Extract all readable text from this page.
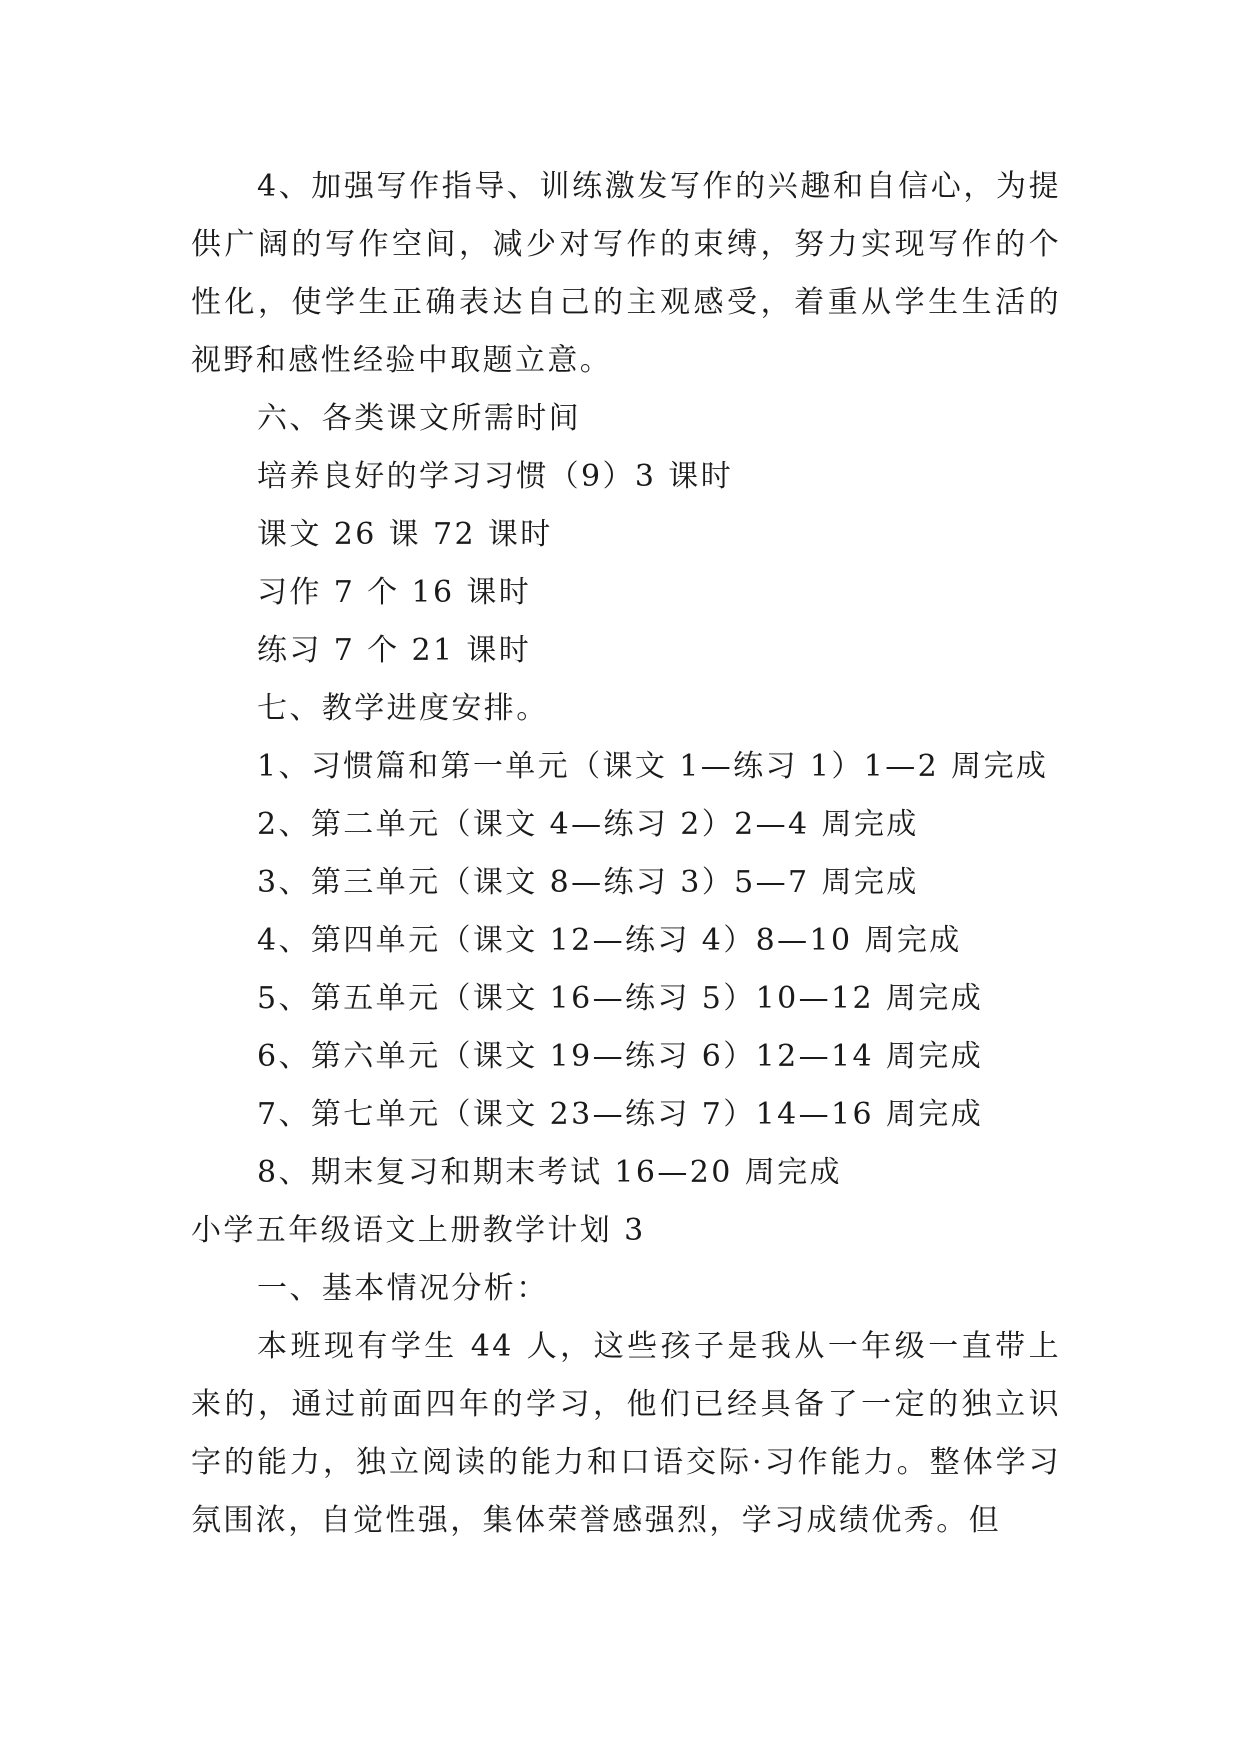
4、加强写作指导、训练激发写作的兴趣和自信心，为提供广阔的写作空间，减少对写作的束缚，努力实现写作的个性化，使学生正确表达自己的主观感受，着重从学生生活的视野和感性经验中取题立意。

六、各类课文所需时间

培养良好的学习习惯（9）3 课时

课文 26 课 72 课时

习作 7 个 16 课时

练习 7 个 21 课时

七、教学进度安排。

1、习惯篇和第一单元（课文 1—练习 1）1—2 周完成

2、第二单元（课文 4—练习 2）2—4 周完成

3、第三单元（课文 8—练习 3）5—7 周完成

4、第四单元（课文 12—练习 4）8—10 周完成

5、第五单元（课文 16—练习 5）10—12 周完成

6、第六单元（课文 19—练习 6）12—14 周完成

7、第七单元（课文 23—练习 7）14—16 周完成

8、期末复习和期末考试 16—20 周完成

小学五年级语文上册教学计划 3

一、基本情况分析：

本班现有学生 44 人，这些孩子是我从一年级一直带上来的，通过前面四年的学习，他们已经具备了一定的独立识字的能力，独立阅读的能力和口语交际·习作能力。整体学习氛围浓，自觉性强，集体荣誉感强烈，学习成绩优秀。但
